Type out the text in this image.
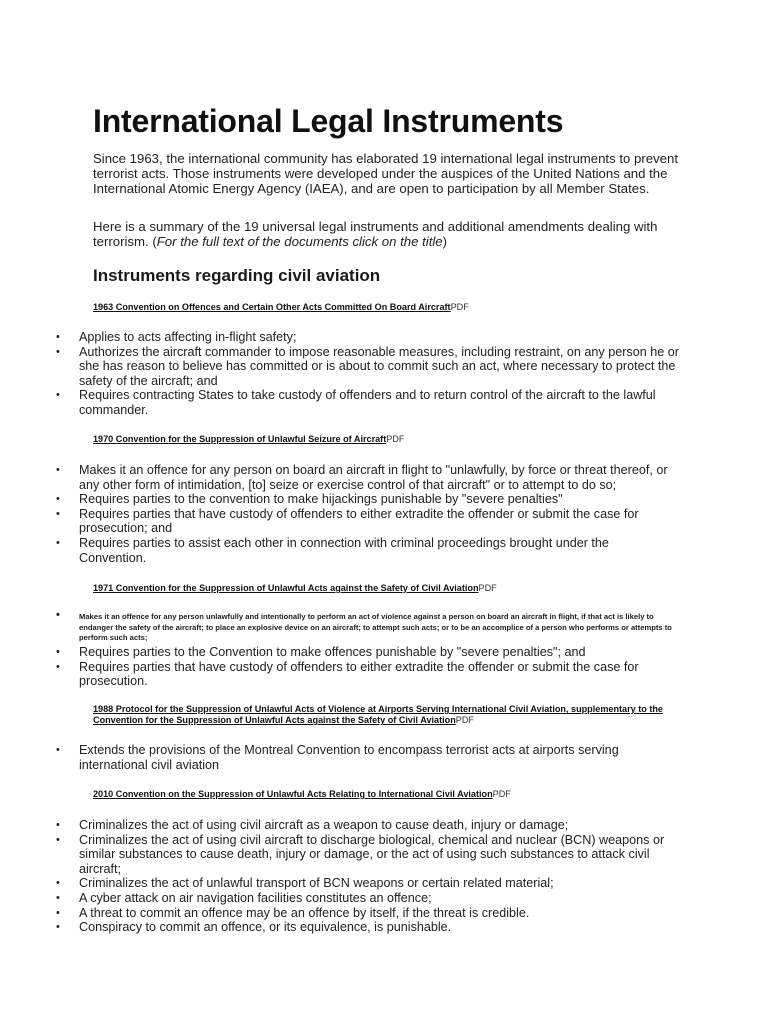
International Legal Instruments

Since 1963, the international community has elaborated 19 international legal instruments to prevent terrorist acts. Those instruments were developed under the auspices of the United Nations and the International Atomic Energy Agency (IAEA), and are open to participation by all Member States.

Here is a summary of the 19 universal legal instruments and additional amendments dealing with terrorism. (For the full text of the documents click on the title)

Instruments regarding civil aviation

1963 Convention on Offences and Certain Other Acts Committed On Board AircraftPDF

• Applies to acts affecting in-flight safety;
• Authorizes the aircraft commander to impose reasonable measures, including restraint, on any person he or she has reason to believe has committed or is about to commit such an act, where necessary to protect the safety of the aircraft; and
• Requires contracting States to take custody of offenders and to return control of the aircraft to the lawful commander.

1970 Convention for the Suppression of Unlawful Seizure of AircraftPDF

• Makes it an offence for any person on board an aircraft in flight to "unlawfully, by force or threat thereof, or any other form of intimidation, [to] seize or exercise control of that aircraft" or to attempt to do so;
• Requires parties to the convention to make hijackings punishable by "severe penalties"
• Requires parties that have custody of offenders to either extradite the offender or submit the case for prosecution; and
• Requires parties to assist each other in connection with criminal proceedings brought under the Convention.

1971 Convention for the Suppression of Unlawful Acts against the Safety of Civil AviationPDF

• Makes it an offence for any person unlawfully and intentionally to perform an act of violence against a person on board an aircraft in flight, if that act is likely to endanger the safety of the aircraft; to place an explosive device on an aircraft; to attempt such acts; or to be an accomplice of a person who performs or attempts to perform such acts;
• Requires parties to the Convention to make offences punishable by "severe penalties"; and
• Requires parties that have custody of offenders to either extradite the offender or submit the case for prosecution.

1988 Protocol for the Suppression of Unlawful Acts of Violence at Airports Serving International Civil Aviation, supplementary to the Convention for the Suppression of Unlawful Acts against the Safety of Civil AviationPDF

• Extends the provisions of the Montreal Convention to encompass terrorist acts at airports serving international civil aviation

2010 Convention on the Suppression of Unlawful Acts Relating to International Civil AviationPDF

• Criminalizes the act of using civil aircraft as a weapon to cause death, injury or damage;
• Criminalizes the act of using civil aircraft to discharge biological, chemical and nuclear (BCN) weapons or similar substances to cause death, injury or damage, or the act of using such substances to attack civil aircraft;
• Criminalizes the act of unlawful transport of BCN weapons or certain related material;
• A cyber attack on air navigation facilities constitutes an offence;
• A threat to commit an offence may be an offence by itself, if the threat is credible.
• Conspiracy to commit an offence, or its equivalence, is punishable.
